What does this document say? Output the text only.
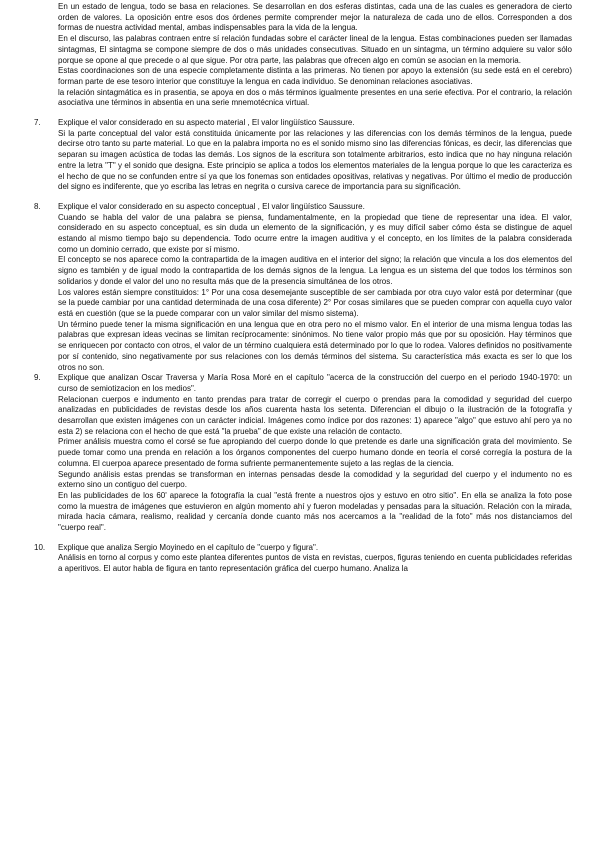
En un estado de lengua, todo se basa en relaciones. Se desarrollan en dos esferas distintas, cada una de las cuales es generadora de cierto orden de valores. La oposición entre esos dos órdenes permite comprender mejor la naturaleza de cada uno de ellos. Corresponden a dos formas de nuestra actividad mental, ambas indispensables para la vida de la lengua.

En el discurso, las palabras contraen entre sí relación fundadas sobre el carácter lineal de la lengua. Estas combinaciones pueden ser llamadas sintagmas, El sintagma se compone siempre de dos o más unidades consecutivas. Situado en un sintagma, un término adquiere su valor sólo porque se opone al que precede o al que sigue. Por otra parte, las palabras que ofrecen algo en común se asocian en la memoria.

Estas coordinaciones son de una especie completamente distinta a las primeras. No tienen por apoyo la extensión (su sede está en el cerebro) forman parte de ese tesoro interior que constituye la lengua en cada individuo. Se denominan relaciones asociativas.

la relación sintagmática es in prasentia, se apoya en dos o más términos igualmente presentes en una serie efectiva. Por el contrario, la relación asociativa une términos in absentia en una serie mnemotécnica virtual.

7. Explique el valor considerado en su aspecto material , El valor lingüístico Saussure.

Si la parte conceptual del valor está constituida únicamente por las relaciones y las diferencias con los demás términos de la lengua, puede decirse otro tanto su parte material. Lo que en la palabra importa no es el sonido mismo sino las diferencias fónicas, es decir, las diferencias que separan su imagen acústica de todas las demás. Los signos de la escritura son totalmente arbitrarios, esto indica que no hay ninguna relación entre la letra "T" y el sonido que designa. Este principio se aplica a todos los elementos materiales de la lengua porque lo que les caracteriza es el hecho de que no se confunden entre sí ya que los fonemas son entidades opositivas, relativas y negativas. Por último el medio de producción del signo es indiferente, que yo escriba las letras en negrita o cursiva carece de importancia para su significación.

8. Explique el valor considerado en su aspecto conceptual , El valor lingüístico Saussure.

Cuando se habla del valor de una palabra se piensa, fundamentalmente, en la propiedad que tiene de representar una idea. El valor, considerado en su aspecto conceptual, es sin duda un elemento de la significación, y es muy difícil saber cómo ésta se distingue de aquel estando al mismo tiempo bajo su dependencia. Todo ocurre entre la imagen auditiva y el concepto, en los límites de la palabra considerada como un dominio cerrado, que existe por sí mismo.

El concepto se nos aparece como la contrapartida de la imagen auditiva en el interior del signo; la relación que vincula a los dos elementos del signo es también y de igual modo la contrapartida de los demás signos de la lengua. La lengua es un sistema del que todos los términos son solidarios y donde el valor del uno no resulta más que de la presencia simultánea de los otros.

Los valores están siempre constituidos: 1° Por una cosa desemejante susceptible de ser cambiada por otra cuyo valor está por determinar (que se la puede cambiar por una cantidad determinada de una cosa diferente) 2° Por cosas similares que se pueden comprar con aquella cuyo valor está en cuestión (que se la puede comparar con un valor similar del mismo sistema).

Un término puede tener la misma significación en una lengua que en otra pero no el mismo valor. En el interior de una misma lengua todas las palabras que expresan ideas vecinas se limitan recíprocamente: sinónimos. No tiene valor propio más que por su oposición. Hay términos que se enriquecen por contacto con otros, el valor de un término cualquiera está determinado por lo que lo rodea. Valores definidos no positivamente por sí contenido, sino negativamente por sus relaciones con los demás términos del sistema. Su característica más exacta es ser lo que los otros no son.

9. Explique que analizan Oscar Traversa y María Rosa Moré en el capítulo "acerca de la construcción del cuerpo en el periodo 1940-1970: un curso de semiotizacion en los medios".

Relacionan cuerpos e indumento en tanto prendas para tratar de corregir el cuerpo o prendas para la comodidad y seguridad del cuerpo analizadas en publicidades de revistas desde los años cuarenta hasta los setenta. Diferencian el dibujo o la ilustración de la fotografía y desarrollan que existen imágenes con un carácter indicial. Imágenes como índice por dos razones: 1) aparece "algo" que estuvo ahí pero ya no esta 2) se relaciona con el hecho de que está "la prueba" de que existe una relación de contacto.

Primer análisis muestra como el corsé se fue apropiando del cuerpo donde lo que pretende es darle una significación grata del movimiento. Se puede tomar como una prenda en relación a los órganos componentes del cuerpo humano donde en teoría el corsé corregía la postura de la columna. El cuerpoa aparece presentado de forma sufriente permanentemente sujeto a las reglas de la ciencia.

Segundo análisis estas prendas se transforman en internas pensadas desde la comodidad y la seguridad del cuerpo y el indumento no es externo sino un contiguo del cuerpo.

En las publicidades de los 60' aparece la fotografía la cual "está frente a nuestros ojos y estuvo en otro sitio". En ella se analiza la foto pose como la muestra de imágenes que estuvieron en algún momento ahí y fueron modeladas y pensadas para la situación. Relación con la mirada, mirada hacia cámara, realismo, realidad y cercanía donde cuanto más nos acercamos a la "realidad de la foto" más nos distanciamos del "cuerpo real".

10. Explique que analiza Sergio Moyinedo en el capítulo de "cuerpo y figura".

Análisis en torno al corpus y como este plantea diferentes puntos de vista en revistas, cuerpos, figuras teniendo en cuenta publicidades referidas a aperitivos. El autor habla de figura en tanto representación gráfica del cuerpo humano. Analiza la
